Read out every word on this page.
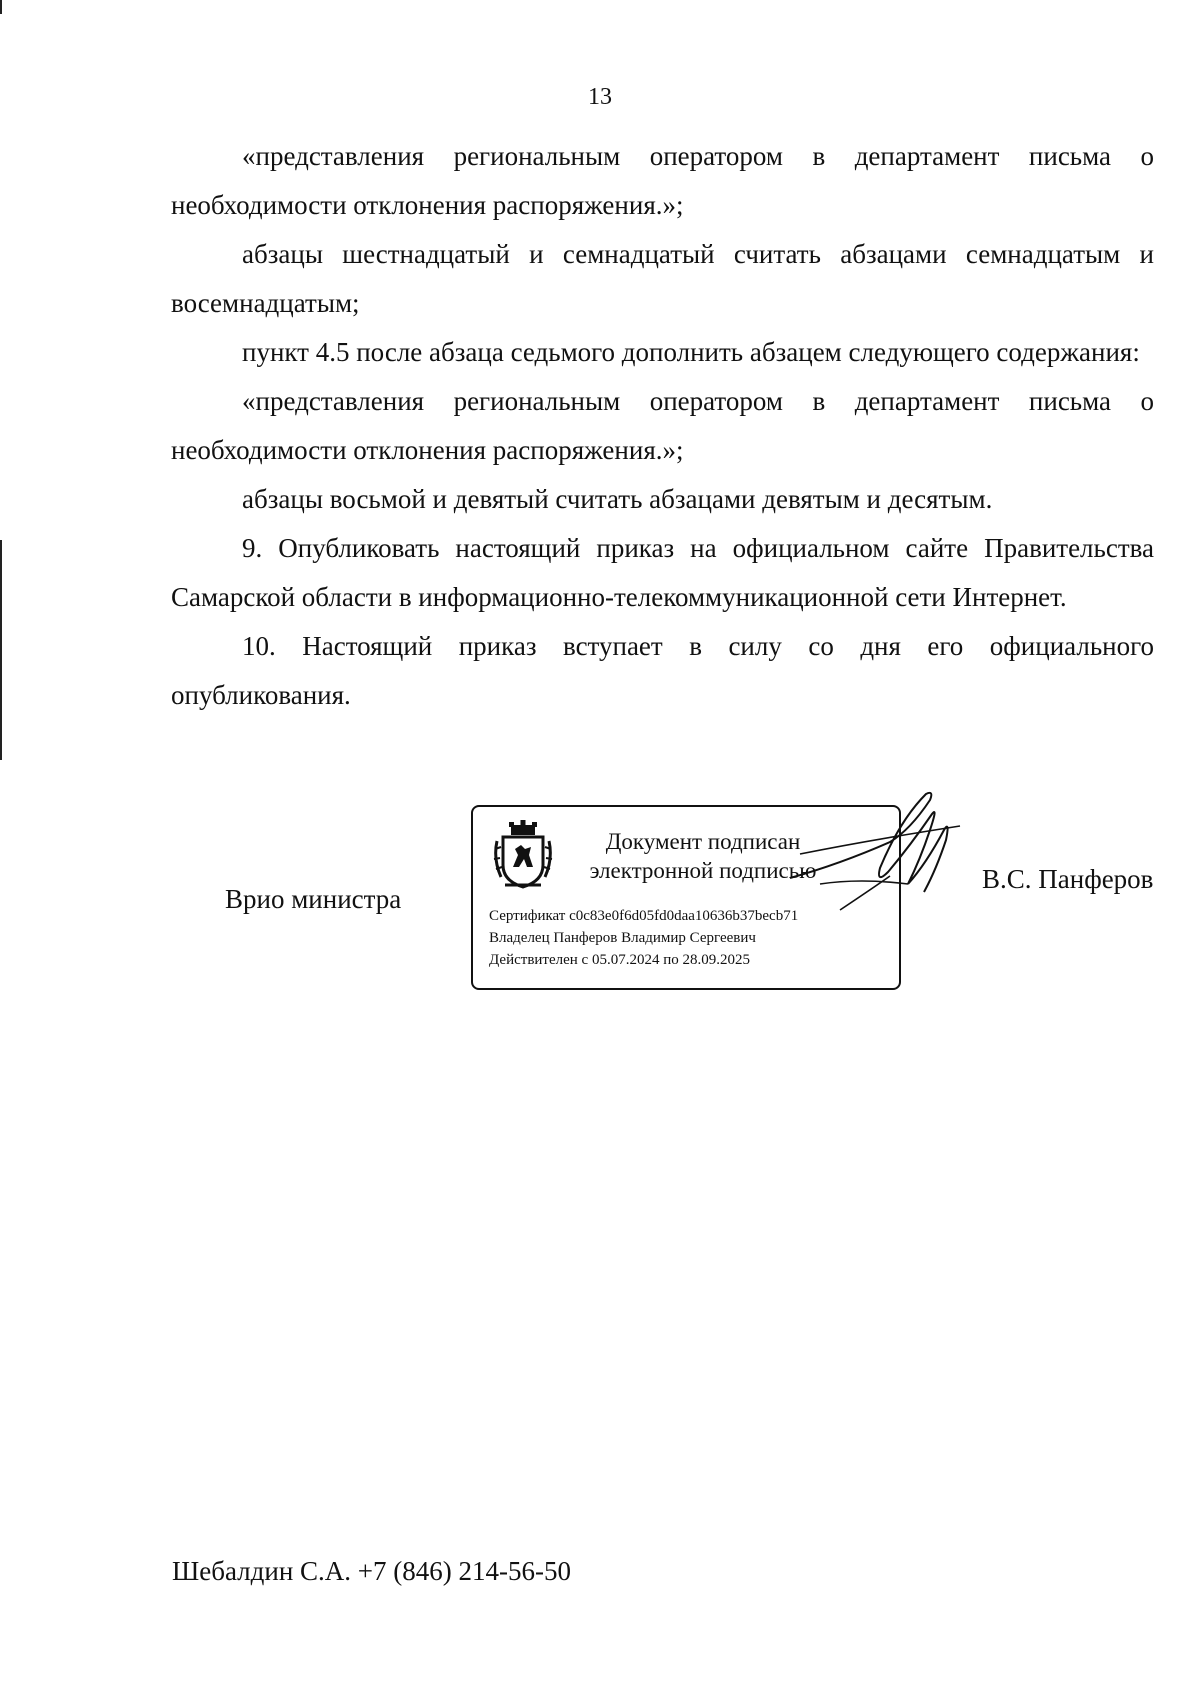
13

«представления региональным оператором в департамент письма о необходимости отклонения распоряжения.»;

абзацы шестнадцатый и семнадцатый считать абзацами семнадцатым и восемнадцатым;

пункт 4.5 после абзаца седьмого дополнить абзацем следующего содержания:

«представления региональным оператором в департамент письма о необходимости отклонения распоряжения.»;

абзацы восьмой и девятый считать абзацами девятым и десятым.

9. Опубликовать настоящий приказ на официальном сайте Правительства Самарской области в информационно-телекоммуникационной сети Интернет.

10. Настоящий приказ вступает в силу со дня его официального опубликования.

Врио министра
Документ подписан
электронной подписью
Сертификат c0c83e0f6d05fd0daa10636b37becb71
Владелец Панферов Владимир Сергеевич
Действителен с 05.07.2024 по 28.09.2025
В.С. Панферов
Шебалдин С.А. +7 (846) 214-56-50
